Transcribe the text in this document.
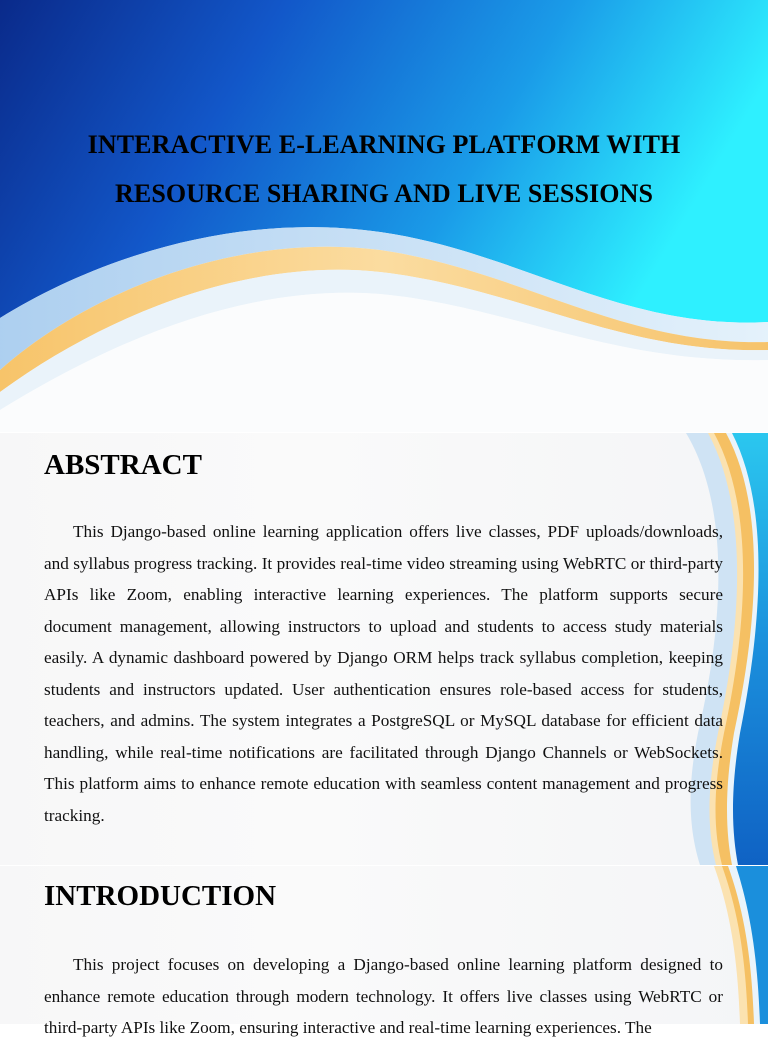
INTERACTIVE E-LEARNING PLATFORM WITH RESOURCE SHARING AND LIVE SESSIONS
ABSTRACT

This Django-based online learning application offers live classes, PDF uploads/downloads, and syllabus progress tracking. It provides real-time video streaming using WebRTC or third-party APIs like Zoom, enabling interactive learning experiences. The platform supports secure document management, allowing instructors to upload and students to access study materials easily. A dynamic dashboard powered by Django ORM helps track syllabus completion, keeping students and instructors updated. User authentication ensures role-based access for students, teachers, and admins. The system integrates a PostgreSQL or MySQL database for efficient data handling, while real-time notifications are facilitated through Django Channels or WebSockets. This platform aims to enhance remote education with seamless content management and progress tracking.

INTRODUCTION

This project focuses on developing a Django-based online learning platform designed to enhance remote education through modern technology. It offers live classes using WebRTC or third-party APIs like Zoom, ensuring interactive and real-time learning experiences. The
